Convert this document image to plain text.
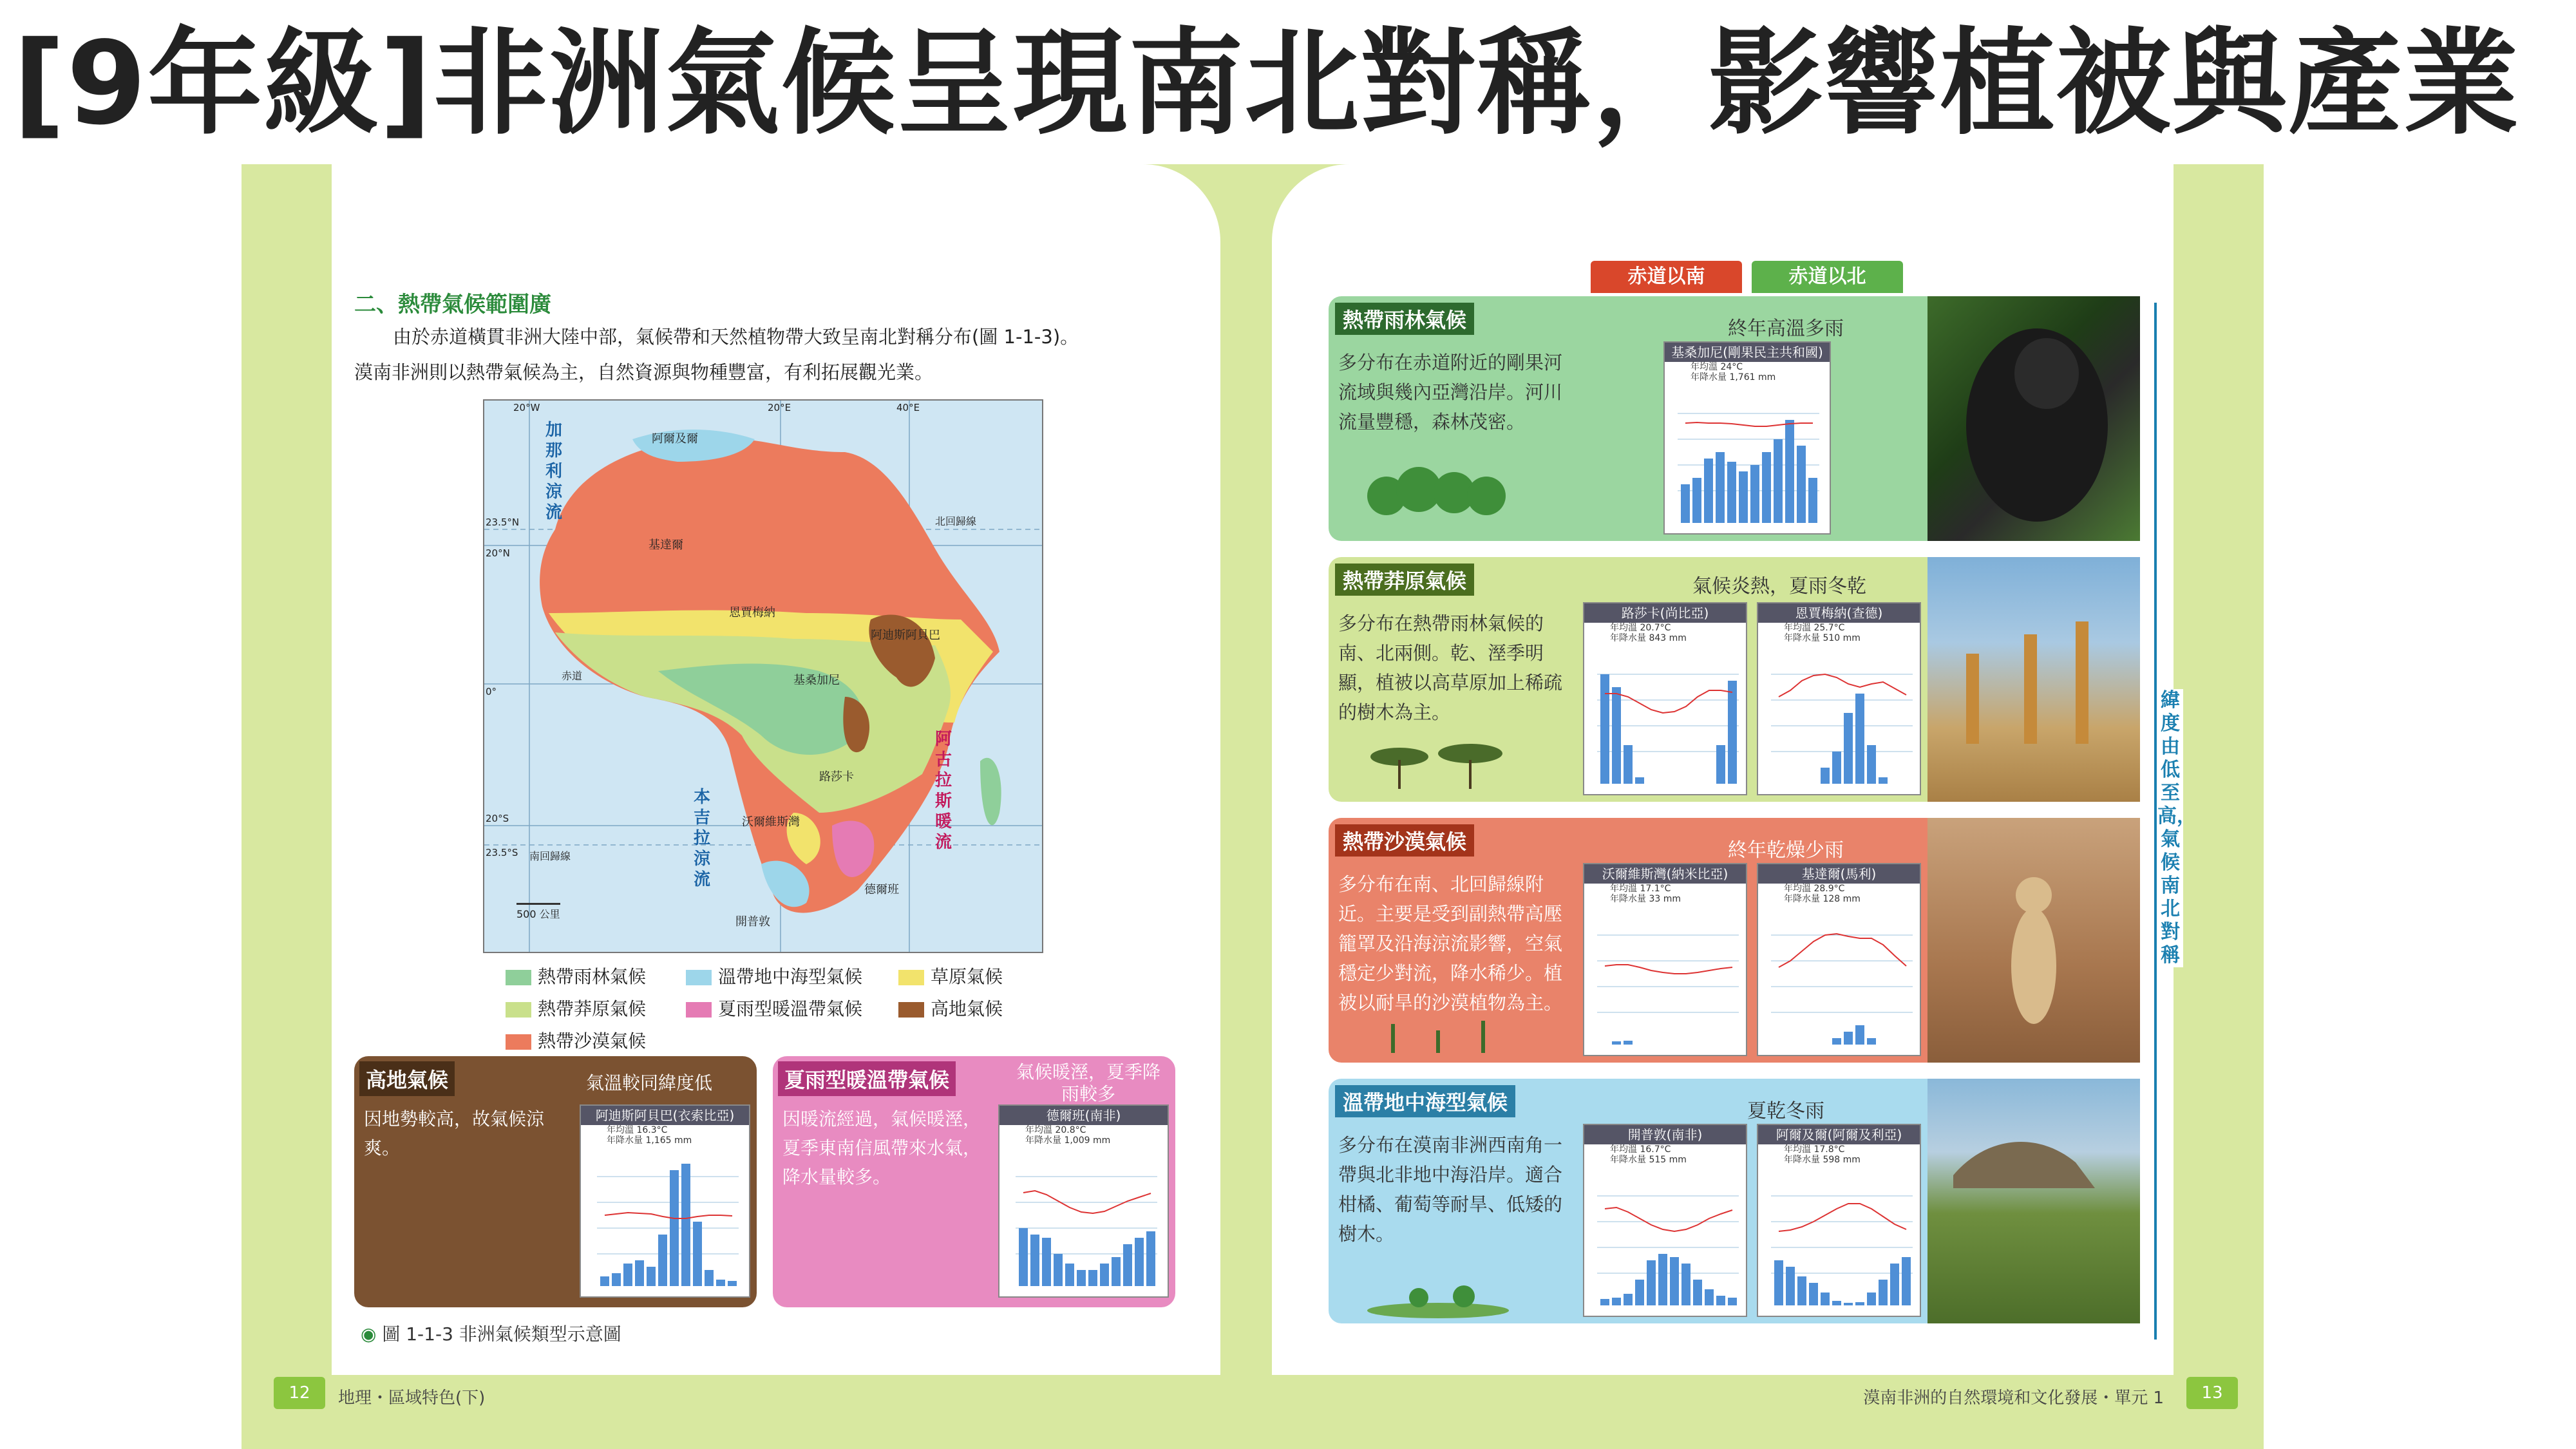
[9年級]非洲氣候呈現南北對稱，影響植被與產業
二、熱帶氣候範圍廣
由於赤道橫貫非洲大陸中部，氣候帶和天然植物帶大致呈南北對稱分布(圖 1-1-3)。
漠南非洲則以熱帶氣候為主，自然資源與物種豐富，有利拓展觀光業。
阿爾及爾
基達爾
恩賈梅納
基桑加尼
阿迪斯阿貝巴
路莎卡
沃爾維斯灣
開普敦
德爾班
加那利涼流
本吉拉涼流
阿古拉斯暖流
北回歸線
南回歸線
赤道
23.5°N
20°N
0°
20°S
23.5°S
20°W	20°E	40°E
500 公里
熱帶雨林氣候	溫帶地中海型氣候	草原氣候
熱帶莽原氣候	夏雨型暖溫帶氣候	高地氣候
熱帶沙漠氣候
高地氣候	氣溫較同緯度低
因地勢較高，故氣候涼爽。
阿迪斯阿貝巴(衣索比亞)
年均溫 16.3°C
年降水量 1,165 mm
夏雨型暖溫帶氣候	氣候暖溼，夏季降雨較多
因暖流經過，氣候暖溼，夏季東南信風帶來水氣，降水量較多。
德爾班(南非)
年均溫 20.8°C
年降水量 1,009 mm
◉ 圖 1-1-3 非洲氣候類型示意圖
12	地理・區域特色(下)
赤道以南	赤道以北
熱帶雨林氣候	終年高溫多雨
多分布在赤道附近的剛果河流域與幾內亞灣沿岸。河川流量豐穩，森林茂密。
基桑加尼(剛果民主共和國)
年均溫 24°C
年降水量 1,761 mm
熱帶莽原氣候	氣候炎熱，夏雨冬乾
多分布在熱帶雨林氣候的南、北兩側。乾、溼季明顯，植被以高草原加上稀疏的樹木為主。
路莎卡(尚比亞)
年均溫 20.7°C
年降水量 843 mm
恩賈梅納(查德)
年均溫 25.7°C
年降水量 510 mm
熱帶沙漠氣候	終年乾燥少雨
多分布在南、北回歸線附近。主要是受到副熱帶高壓籠罩及沿海涼流影響，空氣穩定少對流，降水稀少。植被以耐旱的沙漠植物為主。
沃爾維斯灣(納米比亞)
年均溫 17.1°C
年降水量 33 mm
基達爾(馬利)
年均溫 28.9°C
年降水量 128 mm
溫帶地中海型氣候	夏乾冬雨
多分布在漠南非洲西南角一帶與北非地中海沿岸。適合柑橘、葡萄等耐旱、低矮的樹木。
開普敦(南非)
年均溫 16.7°C
年降水量 515 mm
阿爾及爾(阿爾及利亞)
年均溫 17.8°C
年降水量 598 mm
緯度由低至高，氣候南北對稱
13
漠南非洲的自然環境和文化發展・單元 1
